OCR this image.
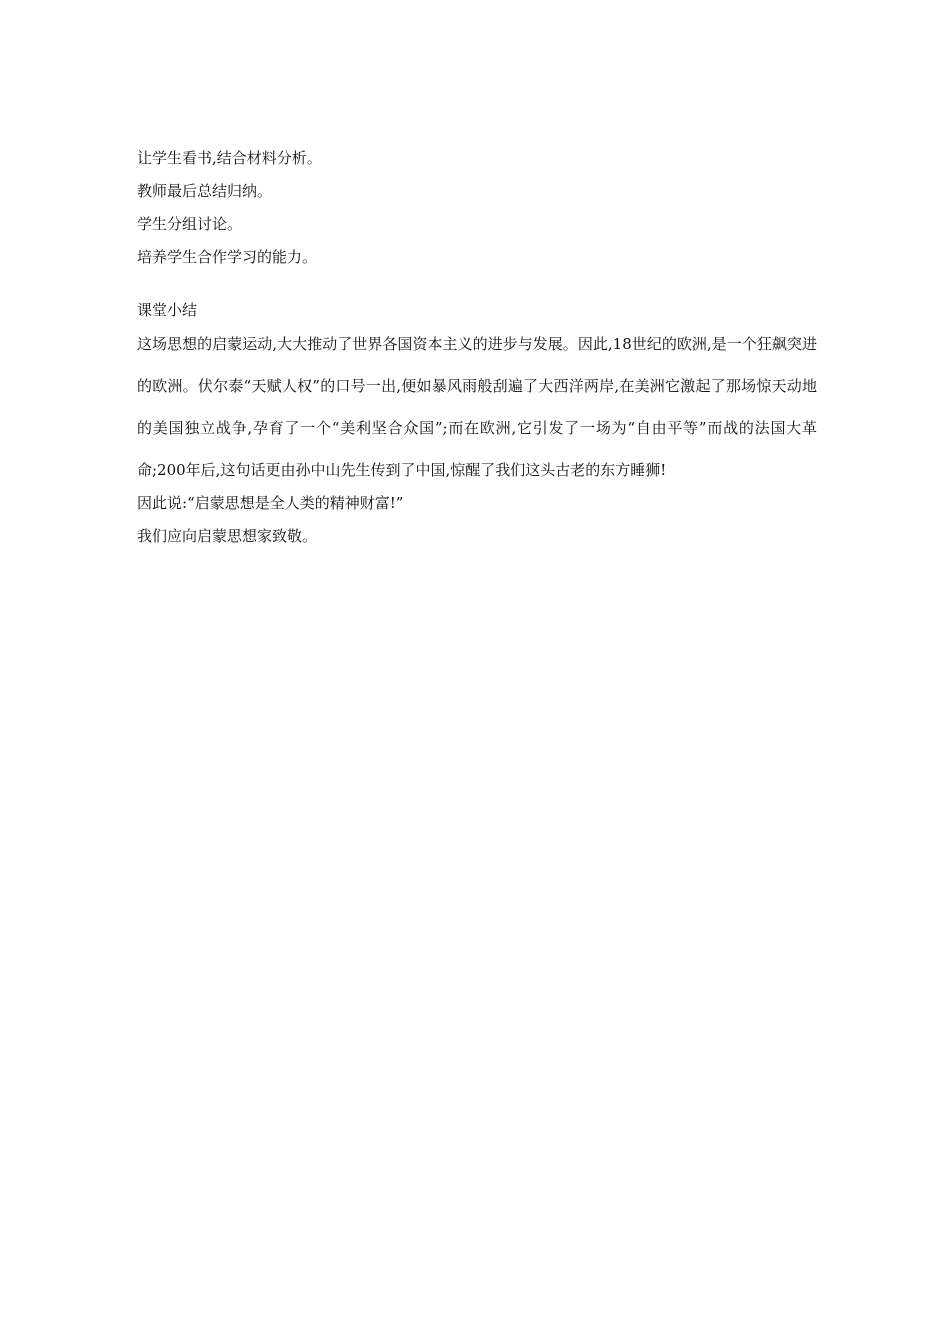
让学生看书,结合材料分析。

教师最后总结归纳。

学生分组讨论。

培养学生合作学习的能力。

课堂小结

这场思想的启蒙运动,大大推动了世界各国资本主义的进步与发展。因此,18世纪的欧洲,是一个狂飙突进的欧洲。伏尔泰“天赋人权”的口号一出,便如暴风雨般刮遍了大西洋两岸,在美洲它激起了那场惊天动地的美国独立战争,孕育了一个“美利坚合众国”;而在欧洲,它引发了一场为“自由平等”而战的法国大革命;200年后,这句话更由孙中山先生传到了中国,惊醒了我们这头古老的东方睡狮!

因此说:“启蒙思想是全人类的精神财富!”

我们应向启蒙思想家致敬。
